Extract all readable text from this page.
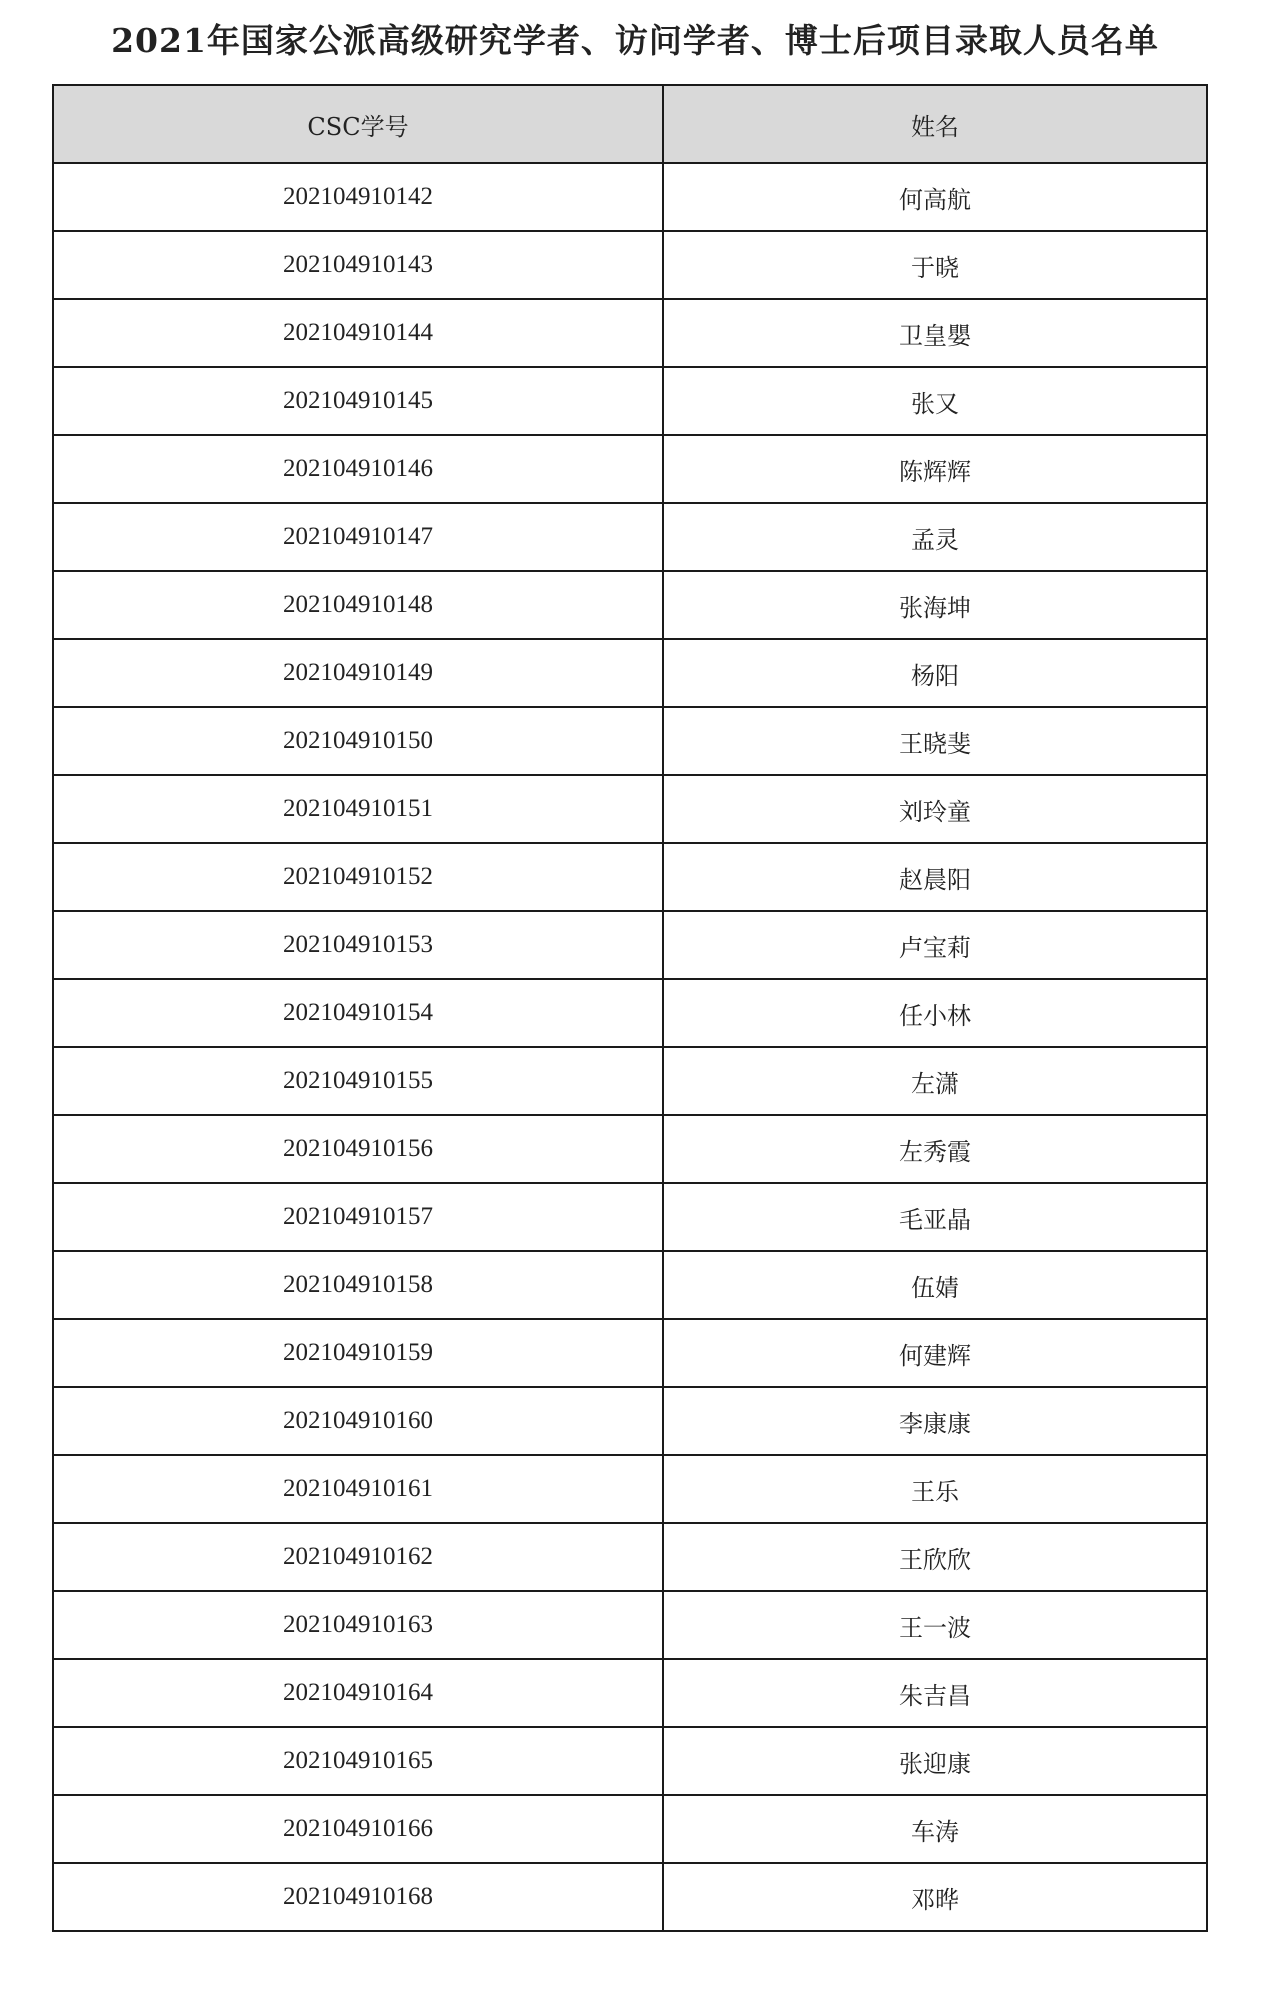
2021年国家公派高级研究学者、访问学者、博士后项目录取人员名单
CSC学号	姓名
202104910142	何高航
202104910143	于晓
202104910144	卫皇嬰
202104910145	张又
202104910146	陈辉辉
202104910147	孟灵
202104910148	张海坤
202104910149	杨阳
202104910150	王晓斐
202104910151	刘玲童
202104910152	赵晨阳
202104910153	卢宝莉
202104910154	任小林
202104910155	左潇
202104910156	左秀霞
202104910157	毛亚晶
202104910158	伍婧
202104910159	何建辉
202104910160	李康康
202104910161	王乐
202104910162	王欣欣
202104910163	王一波
202104910164	朱吉昌
202104910165	张迎康
202104910166	车涛
202104910168	邓晔
